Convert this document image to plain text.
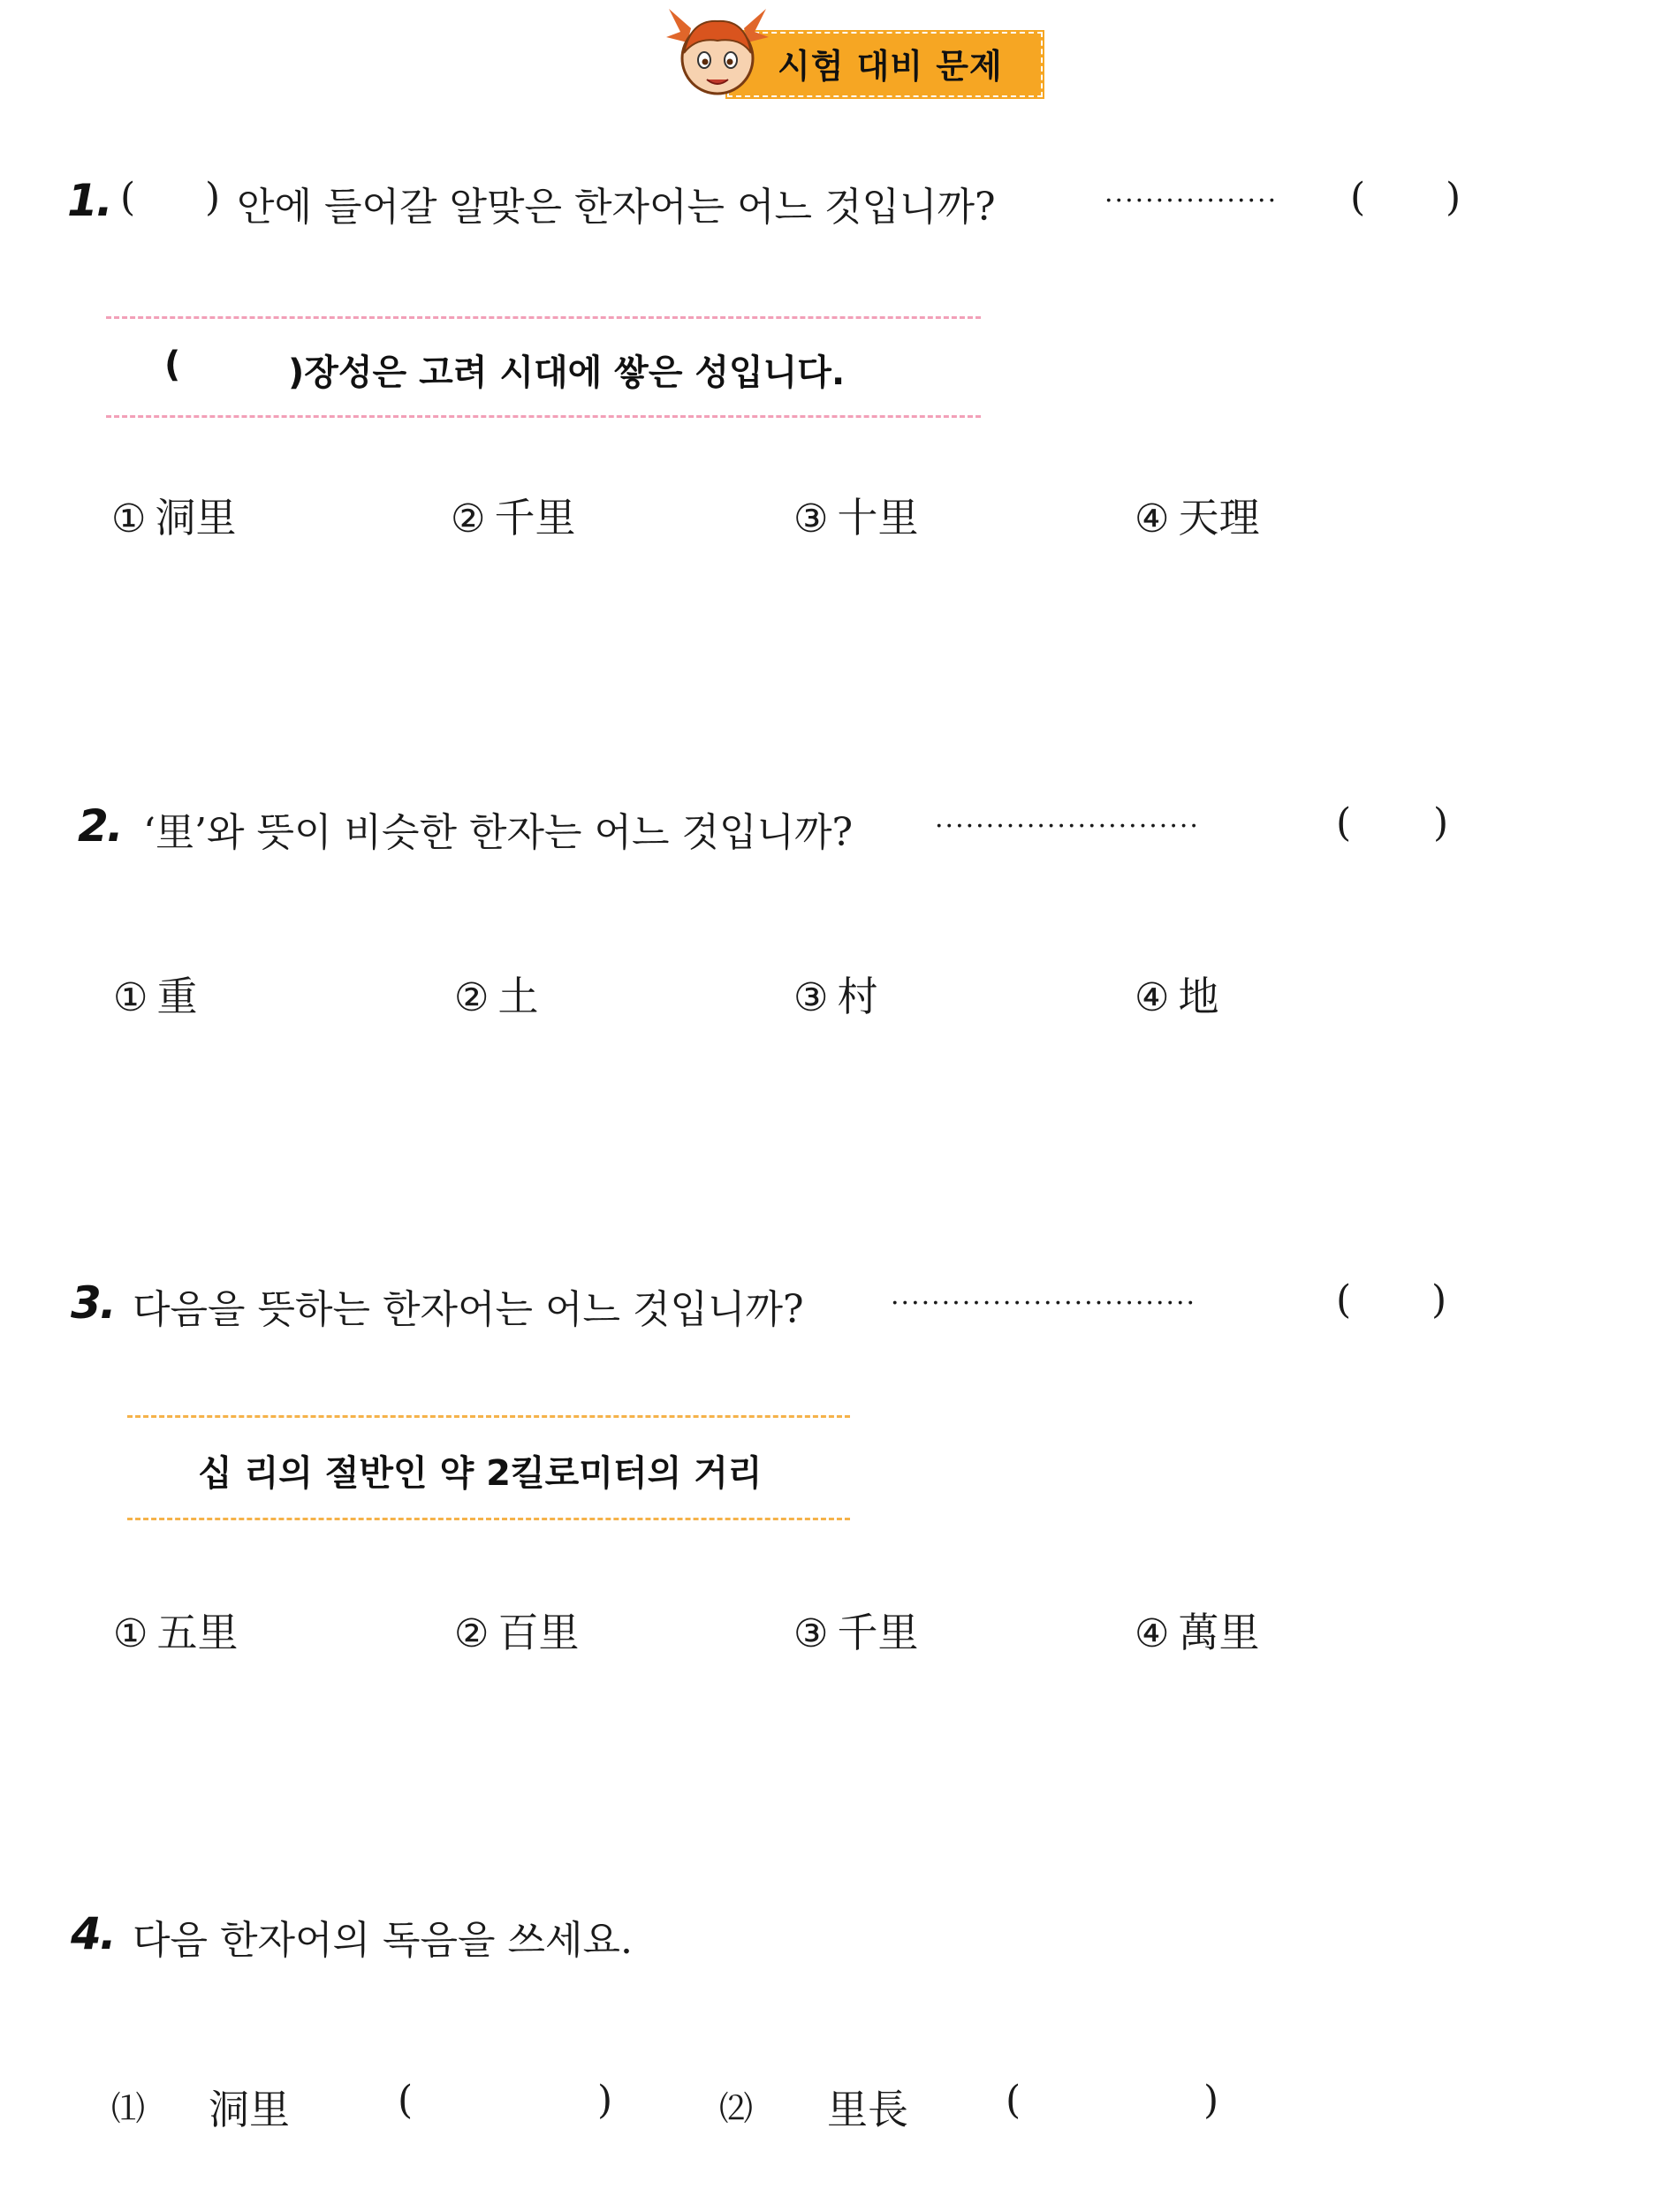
시험 대비 문제
1. ( ) 안에 들어갈 알맞은 한자어는 어느 것입니까?	················· ( )
(	)장성은 고려 시대에 쌓은 성입니다.
① 洞里	② 千里	③ 十里	④ 天理
2. ‘里’와 뜻이 비슷한 한자는 어느 것입니까?	··························	( )
① 重	② 土	③ 村	④ 地
3. 다음을 뜻하는 한자어는 어느 것입니까?	······························	( )
십 리의 절반인 약 2킬로미터의 거리
① 五里	② 百里	③ 千里	④ 萬里
4. 다음 한자어의 독음을 쓰세요.
⑴ 洞里	(	)	⑵ 里長	(	)
